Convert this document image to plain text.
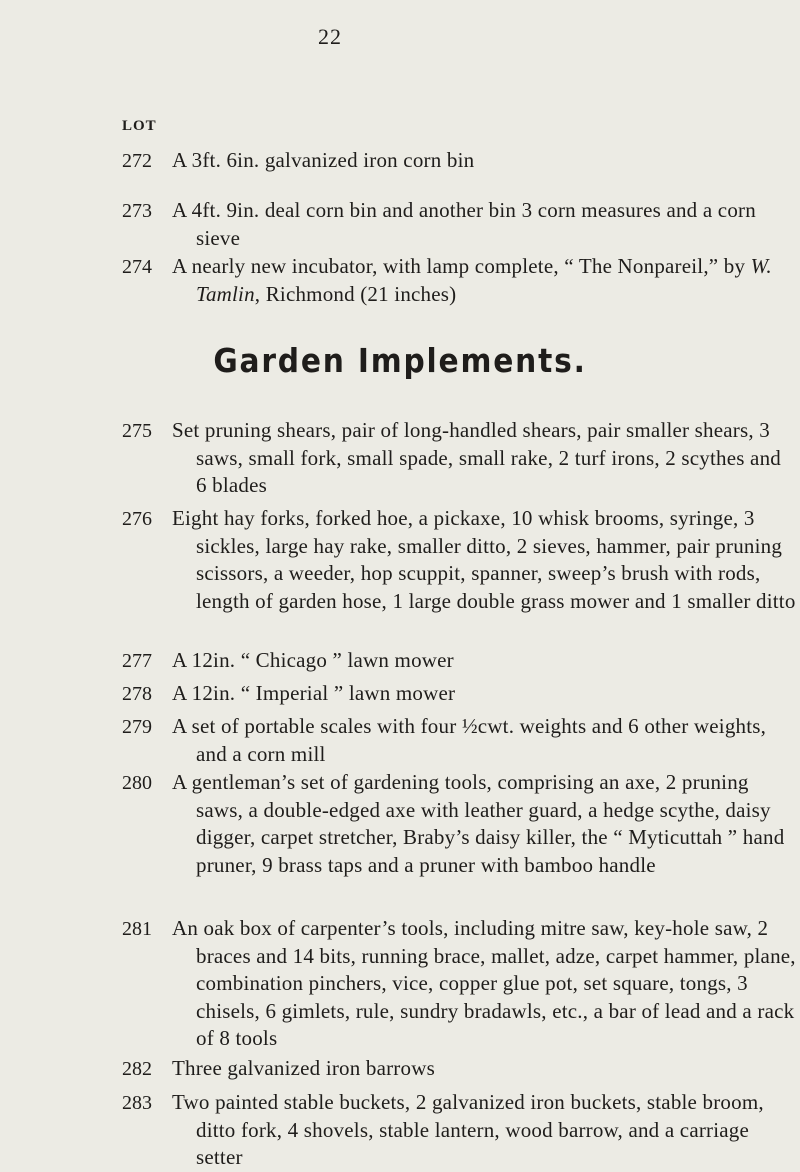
22
LOT
272 A 3ft. 6in. galvanized iron corn bin
273 A 4ft. 9in. deal corn bin and another bin 3 corn measures and a corn sieve
274 A nearly new incubator, with lamp complete, “ The Nonpareil,” by W. Tamlin, Richmond (21 inches)
Garden Implements.
275 Set pruning shears, pair of long-handled shears, pair smaller shears, 3 saws, small fork, small spade, small rake, 2 turf irons, 2 scythes and 6 blades
276 Eight hay forks, forked hoe, a pickaxe, 10 whisk brooms, syringe, 3 sickles, large hay rake, smaller ditto, 2 sieves, hammer, pair pruning scissors, a weeder, hop scuppit, spanner, sweep’s brush with rods, length of garden hose, 1 large double grass mower and 1 smaller ditto
277 A 12in. “ Chicago ” lawn mower
278 A 12in. “ Imperial ” lawn mower
279 A set of portable scales with four ½cwt. weights and 6 other weights, and a corn mill
280 A gentleman’s set of gardening tools, comprising an axe, 2 pruning saws, a double-edged axe with leather guard, a hedge scythe, daisy digger, carpet stretcher, Braby’s daisy killer, the “ Myticuttah ” hand pruner, 9 brass taps and a pruner with bamboo handle
281 An oak box of carpenter’s tools, including mitre saw, key-hole saw, 2 braces and 14 bits, running brace, mallet, adze, carpet hammer, plane, combination pinchers, vice, copper glue pot, set square, tongs, 3 chisels, 6 gimlets, rule, sundry bradawls, etc., a bar of lead and a rack of 8 tools
282 Three galvanized iron barrows
283 Two painted stable buckets, 2 galvanized iron buckets, stable broom, ditto fork, 4 shovels, stable lantern, wood barrow, and a carriage setter
